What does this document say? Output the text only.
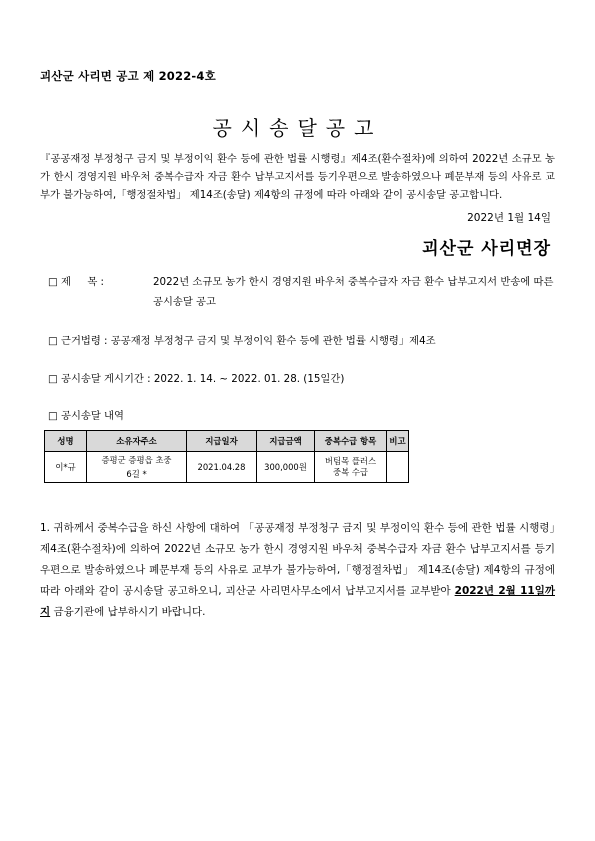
괴산군 사리면 공고 제 2022-4호
공시송달공고
『공공재정 부정청구 금지 및 부정이익 환수 등에 관한 법률 시행령』제4조(환수절차)에 의하여 2022년 소규모 농가 한시 경영지원 바우처 중복수급자 자금 환수 납부고지서를 등기우편으로 발송하였으나 폐문부재 등의 사유로 교부가 불가능하여,「행정절차법」 제14조(송달) 제4항의 규정에 따라 아래와 같이 공시송달 공고합니다.
2022년 1월 14일
괴산군 사리면장
□ 제     목 :	2022년 소규모 농가 한시 경영지원 바우처 중복수급자 자금 환수 납부고지서 반송에 따른 공시송달 공고
□ 근거법령 : 공공재정 부정청구 금지 및 부정이익 환수 등에 관한 법률 시행령」제4조
□ 공시송달 게시기간 : 2022. 1. 14. ~ 2022. 01. 28. (15일간)
□ 공시송달 내역
성명	소유자주소	지급일자	지급금액	중복수급 항목	비고
이*규	증평군 증평읍 초중6길 *	2021.04.28	300,000원	버팀목 플러스 중복 수급	
1. 귀하께서 중복수급을 하신 사항에 대하여 「공공재정 부정청구 금지 및 부정이익 환수 등에 관한 법률 시행령」제4조(환수절차)에 의하여 2022년 소규모 농가 한시 경영지원 바우처 중복수급자 자금 환수 납부고지서를 등기우편으로 발송하였으나 폐문부재 등의 사유로 교부가 불가능하여,「행정절차법」 제14조(송달) 제4항의 규정에 따라 아래와 같이 공시송달 공고하오니, 괴산군 사리면사무소에서 납부고지서를 교부받아 2022년 2월 11일까지 금융기관에 납부하시기 바랍니다.
